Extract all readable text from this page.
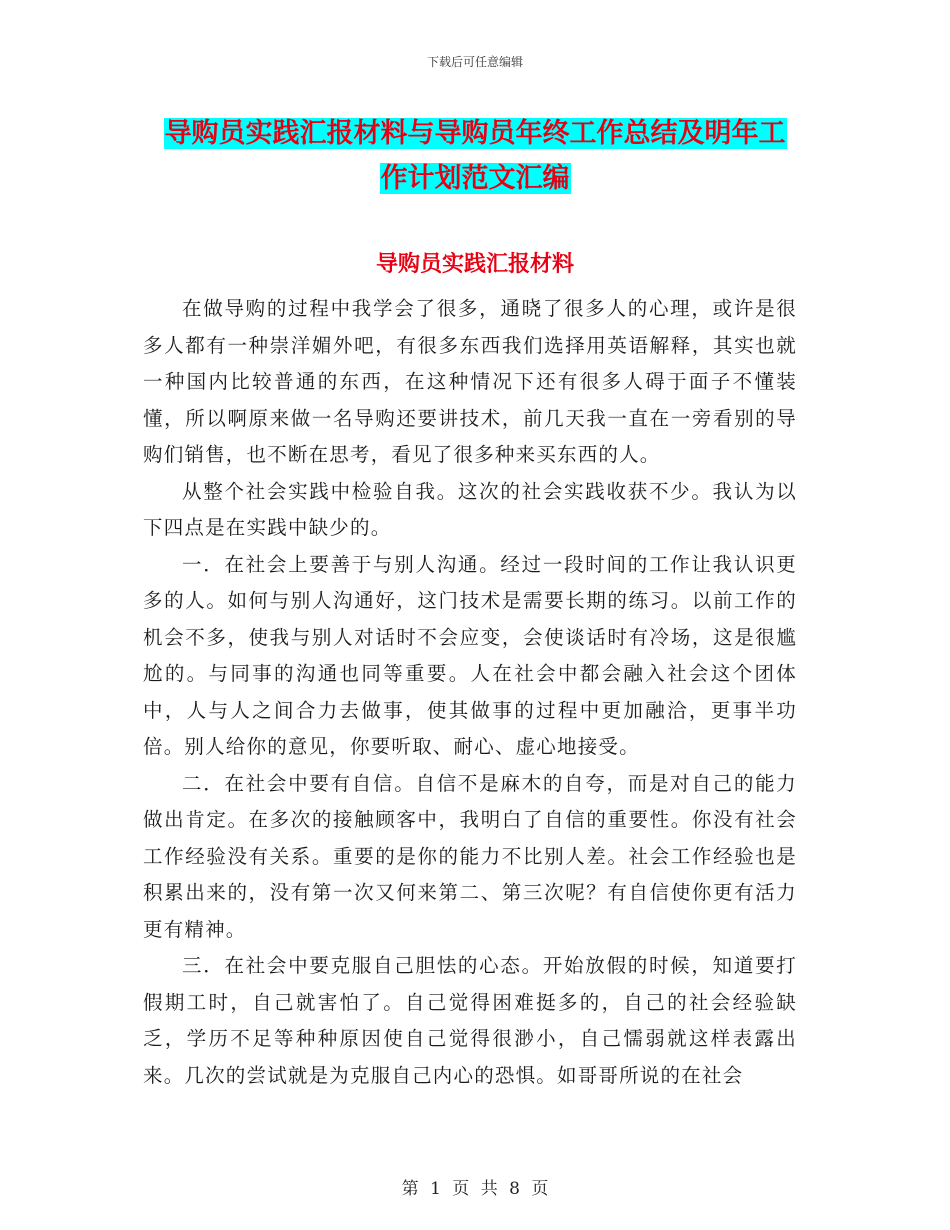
下载后可任意编辑
导购员实践汇报材料与导购员年终工作总结及明年工
作计划范文汇编
导购员实践汇报材料

在做导购的过程中我学会了很多，通晓了很多人的心理，或许是很多人都有一种崇洋媚外吧，有很多东西我们选择用英语解释，其实也就一种国内比较普通的东西，在这种情况下还有很多人碍于面子不懂装懂，所以啊原来做一名导购还要讲技术，前几天我一直在一旁看别的导购们销售，也不断在思考，看见了很多种来买东西的人。

从整个社会实践中检验自我。这次的社会实践收获不少。我认为以下四点是在实践中缺少的。

一．在社会上要善于与别人沟通。经过一段时间的工作让我认识更多的人。如何与别人沟通好，这门技术是需要长期的练习。以前工作的机会不多，使我与别人对话时不会应变，会使谈话时有冷场，这是很尴尬的。与同事的沟通也同等重要。人在社会中都会融入社会这个团体中，人与人之间合力去做事，使其做事的过程中更加融洽，更事半功倍。别人给你的意见，你要听取、耐心、虚心地接受。

二．在社会中要有自信。自信不是麻木的自夸，而是对自己的能力做出肯定。在多次的接触顾客中，我明白了自信的重要性。你没有社会工作经验没有关系。重要的是你的能力不比别人差。社会工作经验也是积累出来的，没有第一次又何来第二、第三次呢？有自信使你更有活力更有精神。

三．在社会中要克服自己胆怯的心态。开始放假的时候，知道要打假期工时，自己就害怕了。自己觉得困难挺多的，自己的社会经验缺乏，学历不足等种种原因使自己觉得很渺小，自己懦弱就这样表露出来。几次的尝试就是为克服自己内心的恐惧。如哥哥所说的在社会

第 1 页 共 8 页
